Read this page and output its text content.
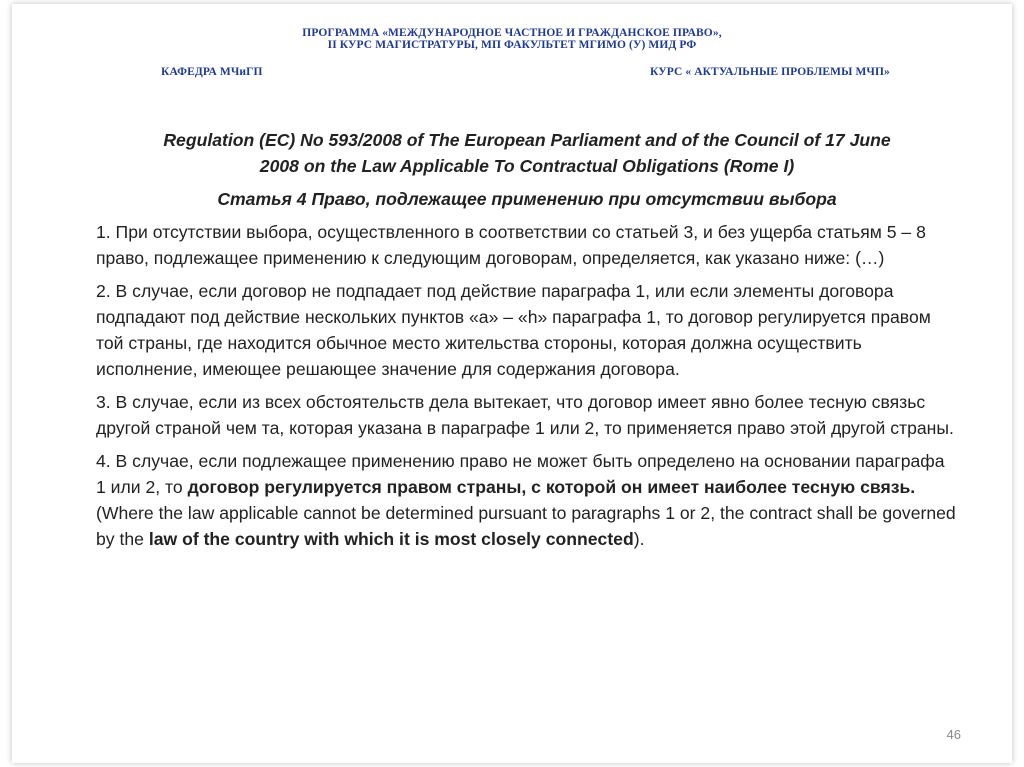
ПРОГРАММА «МЕЖДУНАРОДНОЕ ЧАСТНОЕ И ГРАЖДАНСКОЕ ПРАВО»,
II КУРС МАГИСТРАТУРЫ, МП ФАКУЛЬТЕТ МГИМО (У) МИД РФ
КАФЕДРА МЧиГП	КУРС « АКТУАЛЬНЫЕ ПРОБЛЕМЫ МЧП»
Regulation (EC) No 593/2008 of The European Parliament and of the Council of 17 June
2008 on the Law Applicable To Contractual Obligations (Rome I)
Статья 4 Право, подлежащее применению при отсутствии выбора

1. При отсутствии выбора, осуществленного в соответствии со статьей 3, и без ущерба статьям 5 – 8 право, подлежащее применению к следующим договорам, определяется, как указано ниже: (…)

2. В случае, если договор не подпадает под действие параграфа 1, или если элементы договора подпадают под действие нескольких пунктов «a» – «h» параграфа 1, то договор регулируется правом той страны, где находится обычное место жительства стороны, которая должна осуществить исполнение, имеющее решающее значение для содержания договора.

3. В случае, если из всех обстоятельств дела вытекает, что договор имеет явно более тесную связьс другой страной чем та, которая указана в параграфе 1 или 2, то применяется право этой другой страны.

4. В случае, если подлежащее применению право не может быть определено на основании параграфа 1 или 2, то договор регулируется правом страны, с которой он имеет наиболее тесную связь. (Where the law applicable cannot be determined pursuant to paragraphs 1 or 2, the contract shall be governed by the law of the country with which it is most closely connected).

46
